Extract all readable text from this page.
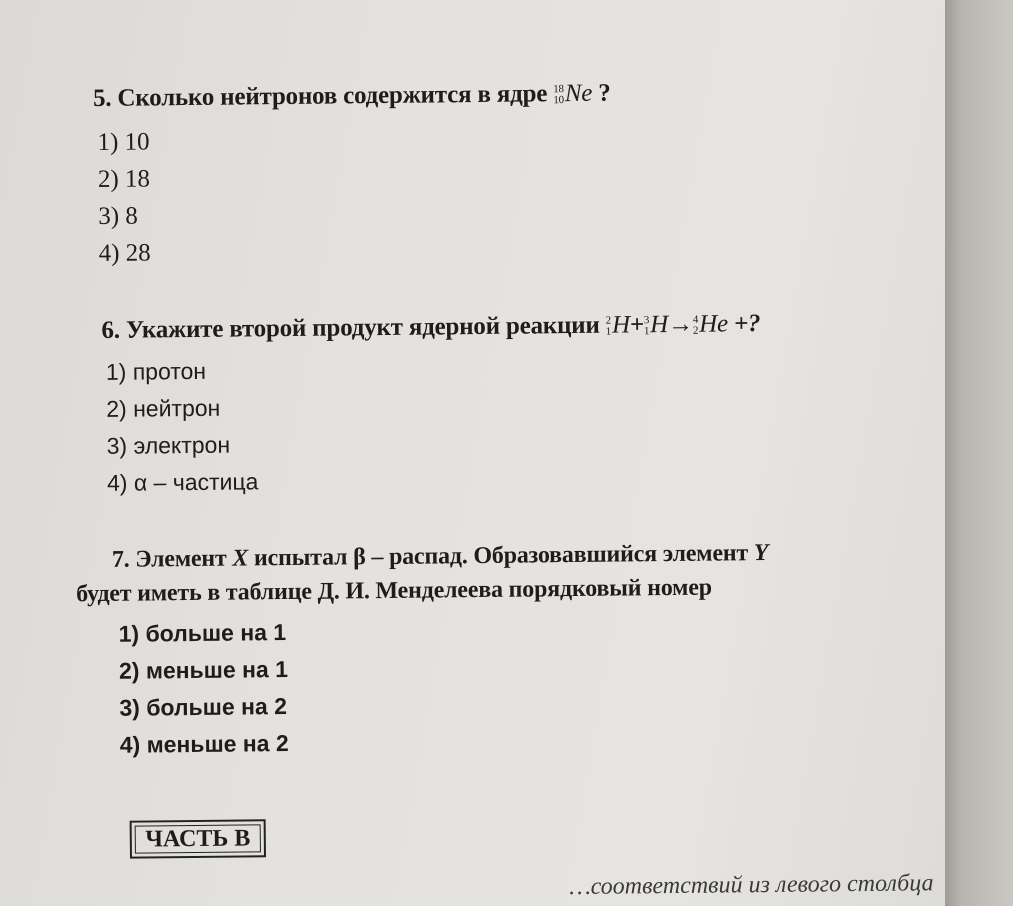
5. Сколько нейтронов содержится в ядре 18
10 Ne ?
1) 10
2) 18
3) 8
4) 28
6. Укажите второй продукт ядерной реакции 2
1 H+ 3
1 H→ 4
2 He +?
1) протон
2) нейтрон
3) электрон
4) α – частица
7. Элемент X испытал β – распад. Образовавшийся элемент Y
будет иметь в таблице Д. И. Менделеева порядковый номер
1) больше на 1
2) меньше на 1
3) больше на 2
4) меньше на 2
ЧАСТЬ В
…соответствий из левого столбца
